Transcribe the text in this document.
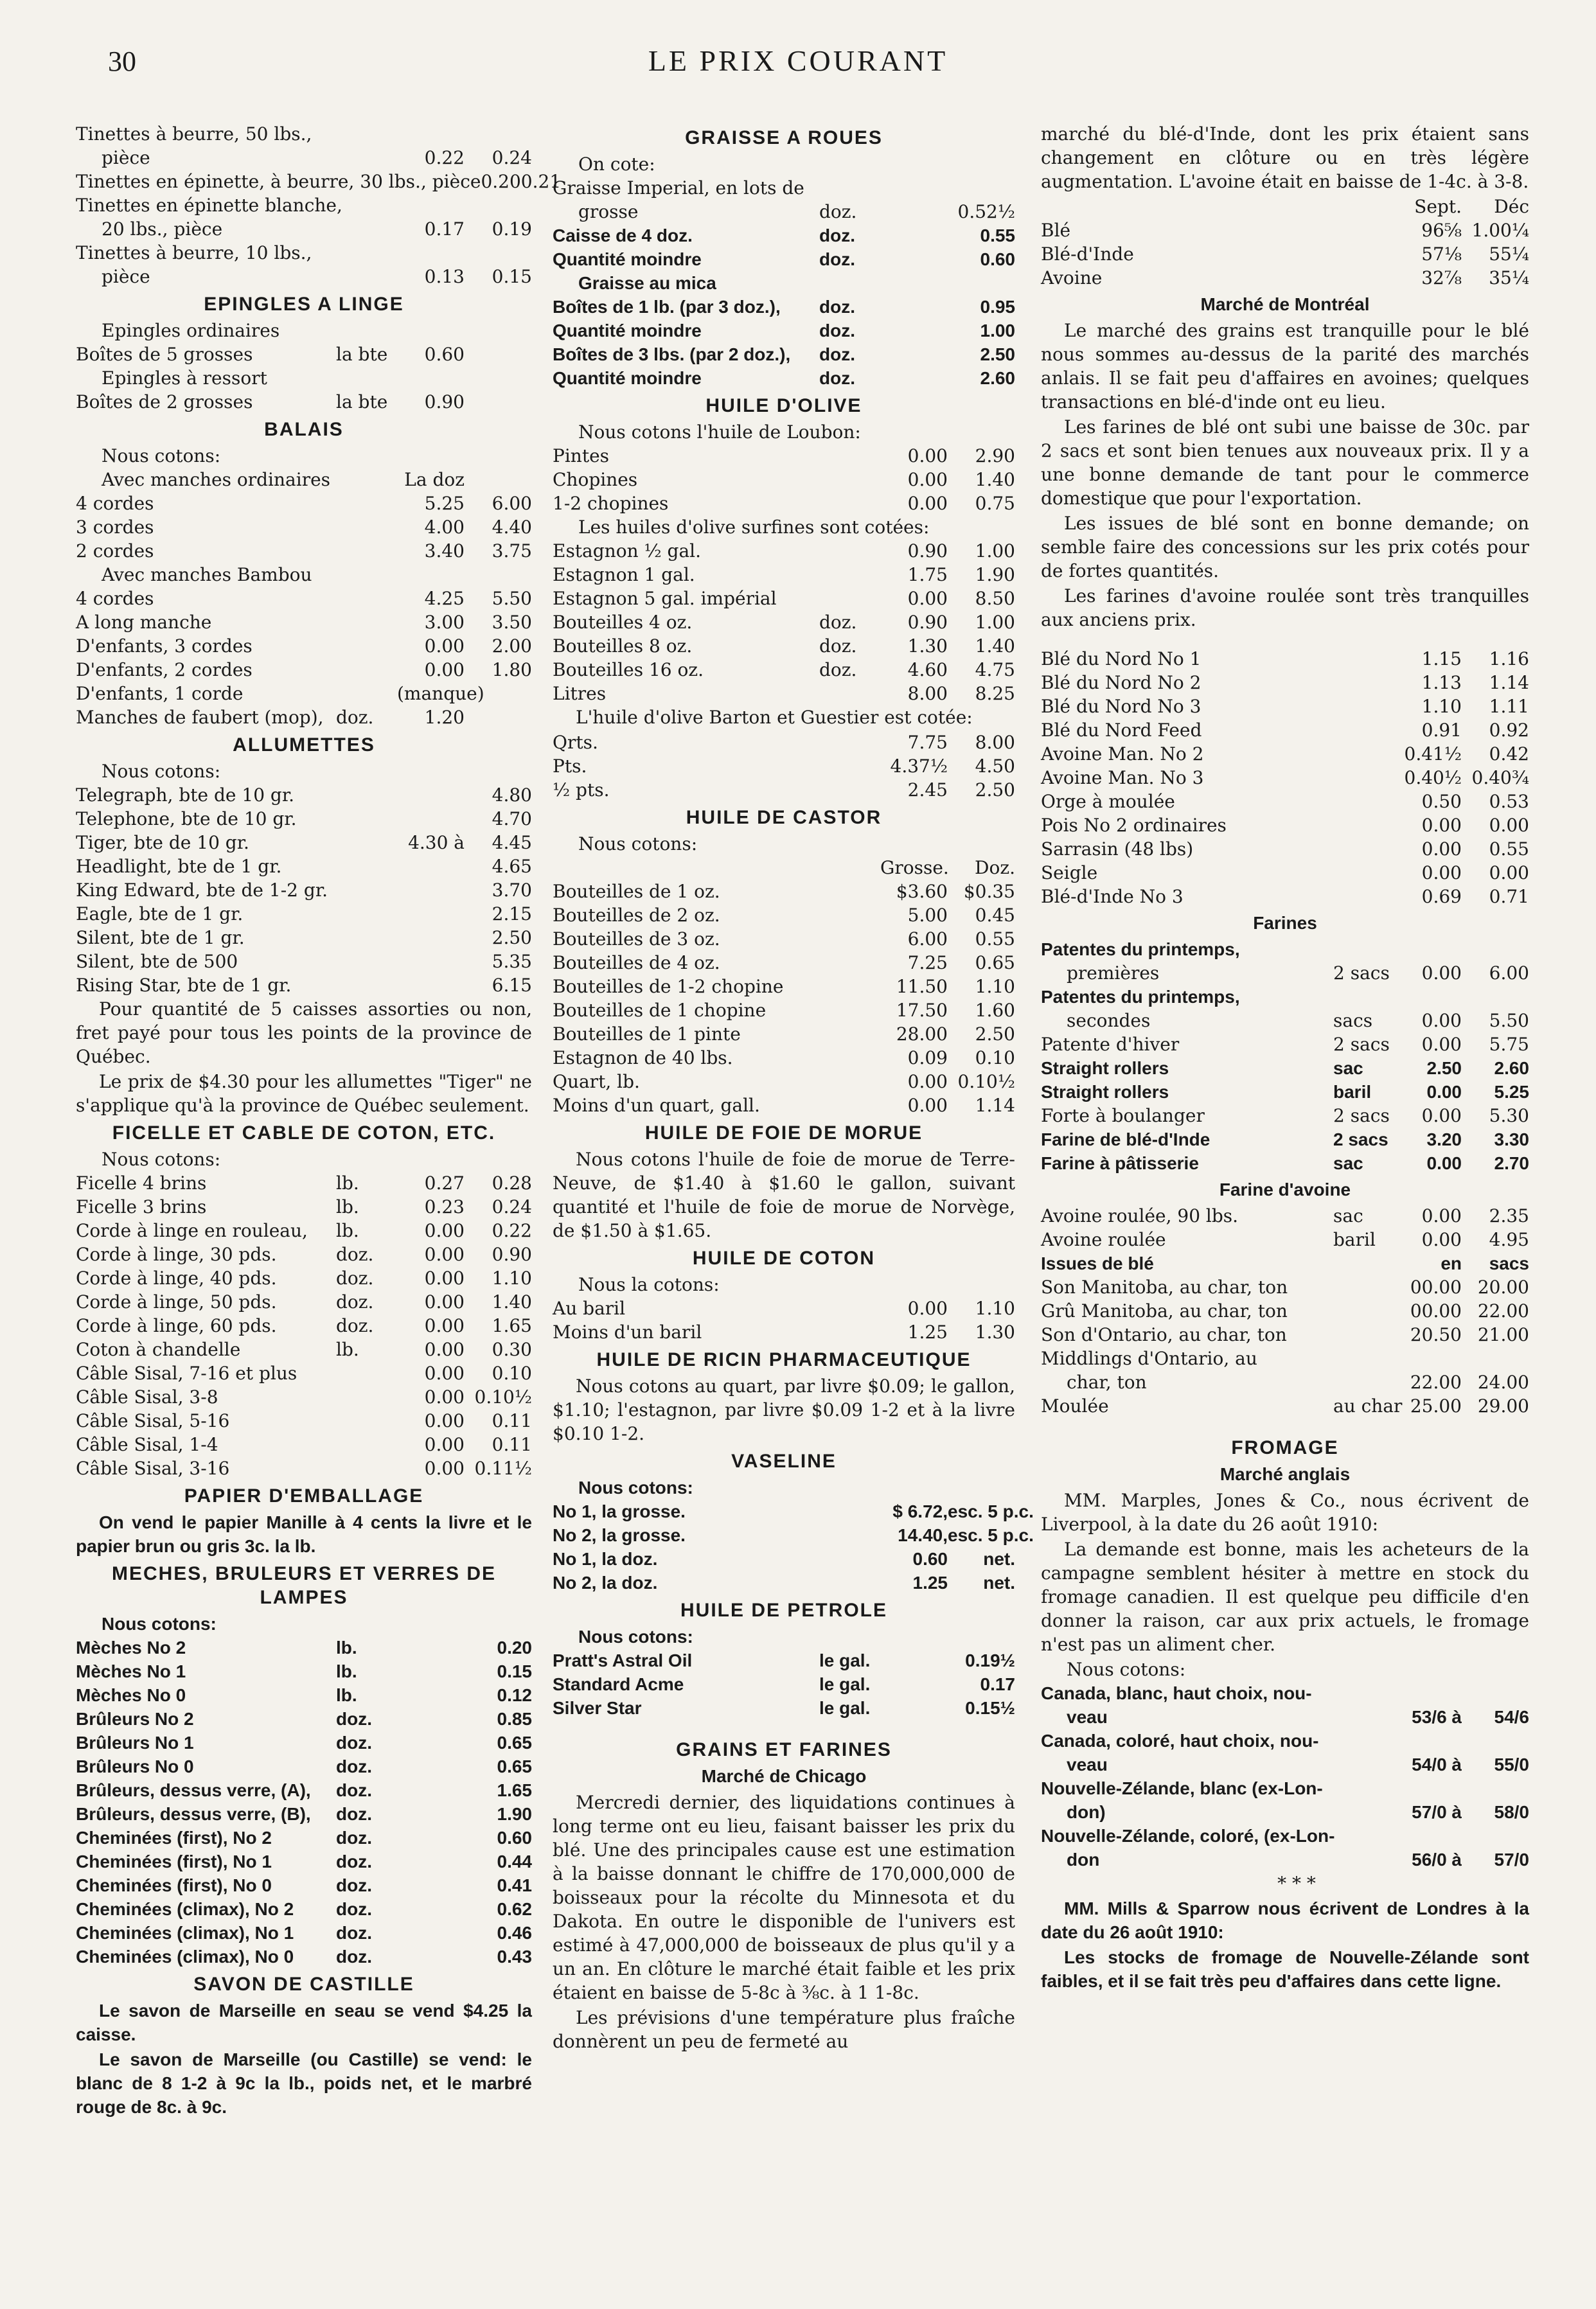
30	LE PRIX COURANT
Tinettes à beurre, 50 lbs.,
pièce	0.22	0.24
Tinettes en épinette, à beurre, 30 lbs., pièce 0.20 0.21
Tinettes en épinette blanche,
20 lbs., pièce	0.17	0.19
Tinettes à beurre, 10 lbs.,
pièce	0.13	0.15
EPINGLES A LINGE
Epingles ordinaires
Boîtes de 5 grosses	la bte	0.60
Epingles à ressort
Boîtes de 2 grosses	la bte	0.90
BALAIS
Nous cotons:
Avec manches ordinaires	La doz
4 cordes	5.25	6.00
3 cordes	4.00	4.40
2 cordes	3.40	3.75
Avec manches Bambou
4 cordes	4.25	5.50
A long manche	3.00	3.50
D'enfants, 3 cordes	0.00	2.00
D'enfants, 2 cordes	0.00	1.80
D'enfants, 1 corde	(manque)
Manches de faubert (mop), doz.	1.20
ALLUMETTES
Nous cotons:
Telegraph, bte de 10 gr.	4.80
Telephone, bte de 10 gr.	4.70
Tiger, bte de 10 gr.	4.30 à	4.45
Headlight, bte de 1 gr.	4.65
King Edward, bte de 1-2 gr.	3.70
Eagle, bte de 1 gr.	2.15
Silent, bte de 1 gr.	2.50
Silent, bte de 500	5.35
Rising Star, bte de 1 gr.	6.15

Pour quantité de 5 caisses assorties ou non, fret payé pour tous les points de la province de Québec.

Le prix de $4.30 pour les allumettes "Tiger" ne s'applique qu'à la province de Québec seulement.

FICELLE ET CABLE DE COTON, ETC.
Nous cotons:
Ficelle 4 brins	lb.	0.27	0.28
Ficelle 3 brins	lb.	0.23	0.24
Corde à linge en rouleau,	lb.	0.00	0.22
Corde à linge, 30 pds.	doz.	0.00	0.90
Corde à linge, 40 pds.	doz.	0.00	1.10
Corde à linge, 50 pds.	doz.	0.00	1.40
Corde à linge, 60 pds.	doz.	0.00	1.65
Coton à chandelle	lb.	0.00	0.30
Câble Sisal, 7-16 et plus	0.00	0.10
Câble Sisal, 3-8	0.00 0.10½
Câble Sisal, 5-16	0.00	0.11
Câble Sisal, 1-4	0.00	0.11
Câble Sisal, 3-16	0.00 0.11½
PAPIER D'EMBALLAGE

On vend le papier Manille à 4 cents la livre et le papier brun ou gris 3c. la lb.

MECHES, BRULEURS ET VERRES DE LAMPES
Nous cotons:
Mèches No 2	lb.	0.20
Mèches No 1	lb.	0.15
Mèches No 0	lb.	0.12
Brûleurs No 2	doz.	0.85
Brûleurs No 1	doz.	0.65
Brûleurs No 0	doz.	0.65
Brûleurs, dessus verre, (A),	doz.	1.65
Brûleurs, dessus verre, (B),	doz.	1.90
Cheminées (first), No 2	doz.	0.60
Cheminées (first), No 1	doz.	0.44
Cheminées (first), No 0	doz.	0.41
Cheminées (climax), No 2	doz.	0.62
Cheminées (climax), No 1	doz.	0.46
Cheminées (climax), No 0	doz.	0.43
SAVON DE CASTILLE

Le savon de Marseille en seau se vend $4.25 la caisse.

Le savon de Marseille (ou Castille) se vend: le blanc de 8 1-2 à 9c la lb., poids net, et le marbré rouge de 8c. à 9c.

GRAISSE A ROUES
On cote:
Graisse Imperial, en lots de
grosse	doz.	0.52½
Caisse de 4 doz.	doz.	0.55
Quantité moindre	doz.	0.60
Graisse au mica
Boîtes de 1 lb. (par 3 doz.),	doz.	0.95
Quantité moindre	doz.	1.00
Boîtes de 3 lbs. (par 2 doz.),	doz.	2.50
Quantité moindre	doz.	2.60
HUILE D'OLIVE
Nous cotons l'huile de Loubon:
Pintes	0.00	2.90
Chopines	0.00	1.40
1-2 chopines	0.00	0.75
Les huiles d'olive surfines sont cotées:
Estagnon ½ gal.	0.90	1.00
Estagnon 1 gal.	1.75	1.90
Estagnon 5 gal. impérial	0.00	8.50
Bouteilles 4 oz.	doz.	0.90	1.00
Bouteilles 8 oz.	doz.	1.30	1.40
Bouteilles 16 oz.	doz.	4.60	4.75
Litres	8.00	8.25

L'huile d'olive Barton et Guestier est cotée:

Qrts.	7.75	8.00
Pts.	4.37½	4.50
½ pts.	2.45	2.50
HUILE DE CASTOR
Nous cotons:
Grosse.	Doz.
Bouteilles de 1 oz.	$3.60 $0.35
Bouteilles de 2 oz.	5.00	0.45
Bouteilles de 3 oz.	6.00	0.55
Bouteilles de 4 oz.	7.25	0.65
Bouteilles de 1-2 chopine	11.50	1.10
Bouteilles de 1 chopine	17.50	1.60
Bouteilles de 1 pinte	28.00	2.50
Estagnon de 40 lbs.	0.09	0.10
Quart, lb.	0.00 0.10½
Moins d'un quart, gall.	0.00	1.14
HUILE DE FOIE DE MORUE

Nous cotons l'huile de foie de morue de Terre-Neuve, de $1.40 à $1.60 le gallon, suivant quantité et l'huile de foie de morue de Norvège, de $1.50 à $1.65.

HUILE DE COTON
Nous la cotons:
Au baril	0.00	1.10
Moins d'un baril	1.25	1.30
HUILE DE RICIN PHARMACEUTIQUE

Nous cotons au quart, par livre $0.09; le gallon, $1.10; l'estagnon, par livre $0.09 1-2 et à la livre $0.10 1-2.

VASELINE
Nous cotons:
No 1, la grosse.	$ 6.72, esc. 5 p.c.
No 2, la grosse.	14.40, esc. 5 p.c.
No 1, la doz.	0.60	net.
No 2, la doz.	1.25	net.
HUILE DE PETROLE
Nous cotons:
Pratt's Astral Oil	le gal.	0.19½
Standard Acme	le gal.	0.17
Silver Star	le gal.	0.15½
GRAINS ET FARINES
Marché de Chicago

Mercredi dernier, des liquidations continues à long terme ont eu lieu, faisant baisser les prix du blé. Une des principales cause est une estimation à la baisse donnant le chiffre de 170,000,000 de boisseaux pour la récolte du Minnesota et du Dakota. En outre le disponible de l'univers est estimé à 47,000,000 de boisseaux de plus qu'il y a un an. En clôture le marché était faible et les prix étaient en baisse de 5-8c à ⅜c. à 1 1-8c.

Les prévisions d'une température plus fraîche donnèrent un peu de fermeté au

marché du blé-d'Inde, dont les prix étaient sans changement en clôture ou en très légère augmentation. L'avoine était en baisse de 1-4c. à 3-8.

Sept.	Déc
Blé	96⅝ 1.00¼
Blé-d'Inde	57⅛	55¼
Avoine	32⅞	35¼
Marché de Montréal

Le marché des grains est tranquille pour le blé nous sommes au-dessus de la parité des marchés anlais. Il se fait peu d'affaires en avoines; quelques transactions en blé-d'inde ont eu lieu.

Les farines de blé ont subi une baisse de 30c. par 2 sacs et sont bien tenues aux nouveaux prix. Il y a une bonne demande de tant pour le commerce domestique que pour l'exportation.

Les issues de blé sont en bonne demande; on semble faire des concessions sur les prix cotés pour de fortes quantités.

Les farines d'avoine roulée sont très tranquilles aux anciens prix.

Blé du Nord No 1	1.15	1.16
Blé du Nord No 2	1.13	1.14
Blé du Nord No 3	1.10	1.11
Blé du Nord Feed	0.91	0.92
Avoine Man. No 2	0.41½	0.42
Avoine Man. No 3	0.40½ 0.40¾
Orge à moulée	0.50	0.53
Pois No 2 ordinaires	0.00	0.00
Sarrasin (48 lbs)	0.00	0.55
Seigle	0.00	0.00
Blé-d'Inde No 3	0.69	0.71
Farines
Patentes du printemps,
premières	2 sacs	0.00	6.00
Patentes du printemps,
secondes	sacs	0.00	5.50
Patente d'hiver	2 sacs	0.00	5.75
Straight rollers	sac	2.50	2.60
Straight rollers	baril	0.00	5.25
Forte à boulanger	2 sacs	0.00	5.30
Farine de blé-d'Inde	2 sacs	3.20	3.30
Farine à pâtisserie	sac	0.00	2.70
Farine d'avoine
Avoine roulée, 90 lbs.	sac	0.00	2.35
Avoine roulée	baril	0.00	4.95
Issues de blé	en	sacs
Son Manitoba, au char, ton	00.00 20.00
Grû Manitoba, au char, ton	00.00 22.00
Son d'Ontario, au char, ton	20.50 21.00
Middlings d'Ontario, au
char, ton	22.00 24.00
Moulée	au char 25.00 29.00
FROMAGE
Marché anglais

MM. Marples, Jones & Co., nous écrivent de Liverpool, à la date du 26 août 1910:

La demande est bonne, mais les acheteurs de la campagne semblent hésiter à mettre en stock du fromage canadien. Il est quelque peu difficile d'en donner la raison, car aux prix actuels, le fromage n'est pas un aliment cher.

Nous cotons:
Canada, blanc, haut choix, nou-
veau	53/6 à	54/6
Canada, coloré, haut choix, nou-
veau	54/0 à	55/0
Nouvelle-Zélande, blanc (ex-Lon-
don)	57/0 à	58/0
Nouvelle-Zélande, coloré, (ex-Lon-
don	56/0 à	57/0

* * *

MM. Mills & Sparrow nous écrivent de Londres à la date du 26 août 1910:

Les stocks de fromage de Nouvelle-Zélande sont faibles, et il se fait très peu d'affaires dans cette ligne.
